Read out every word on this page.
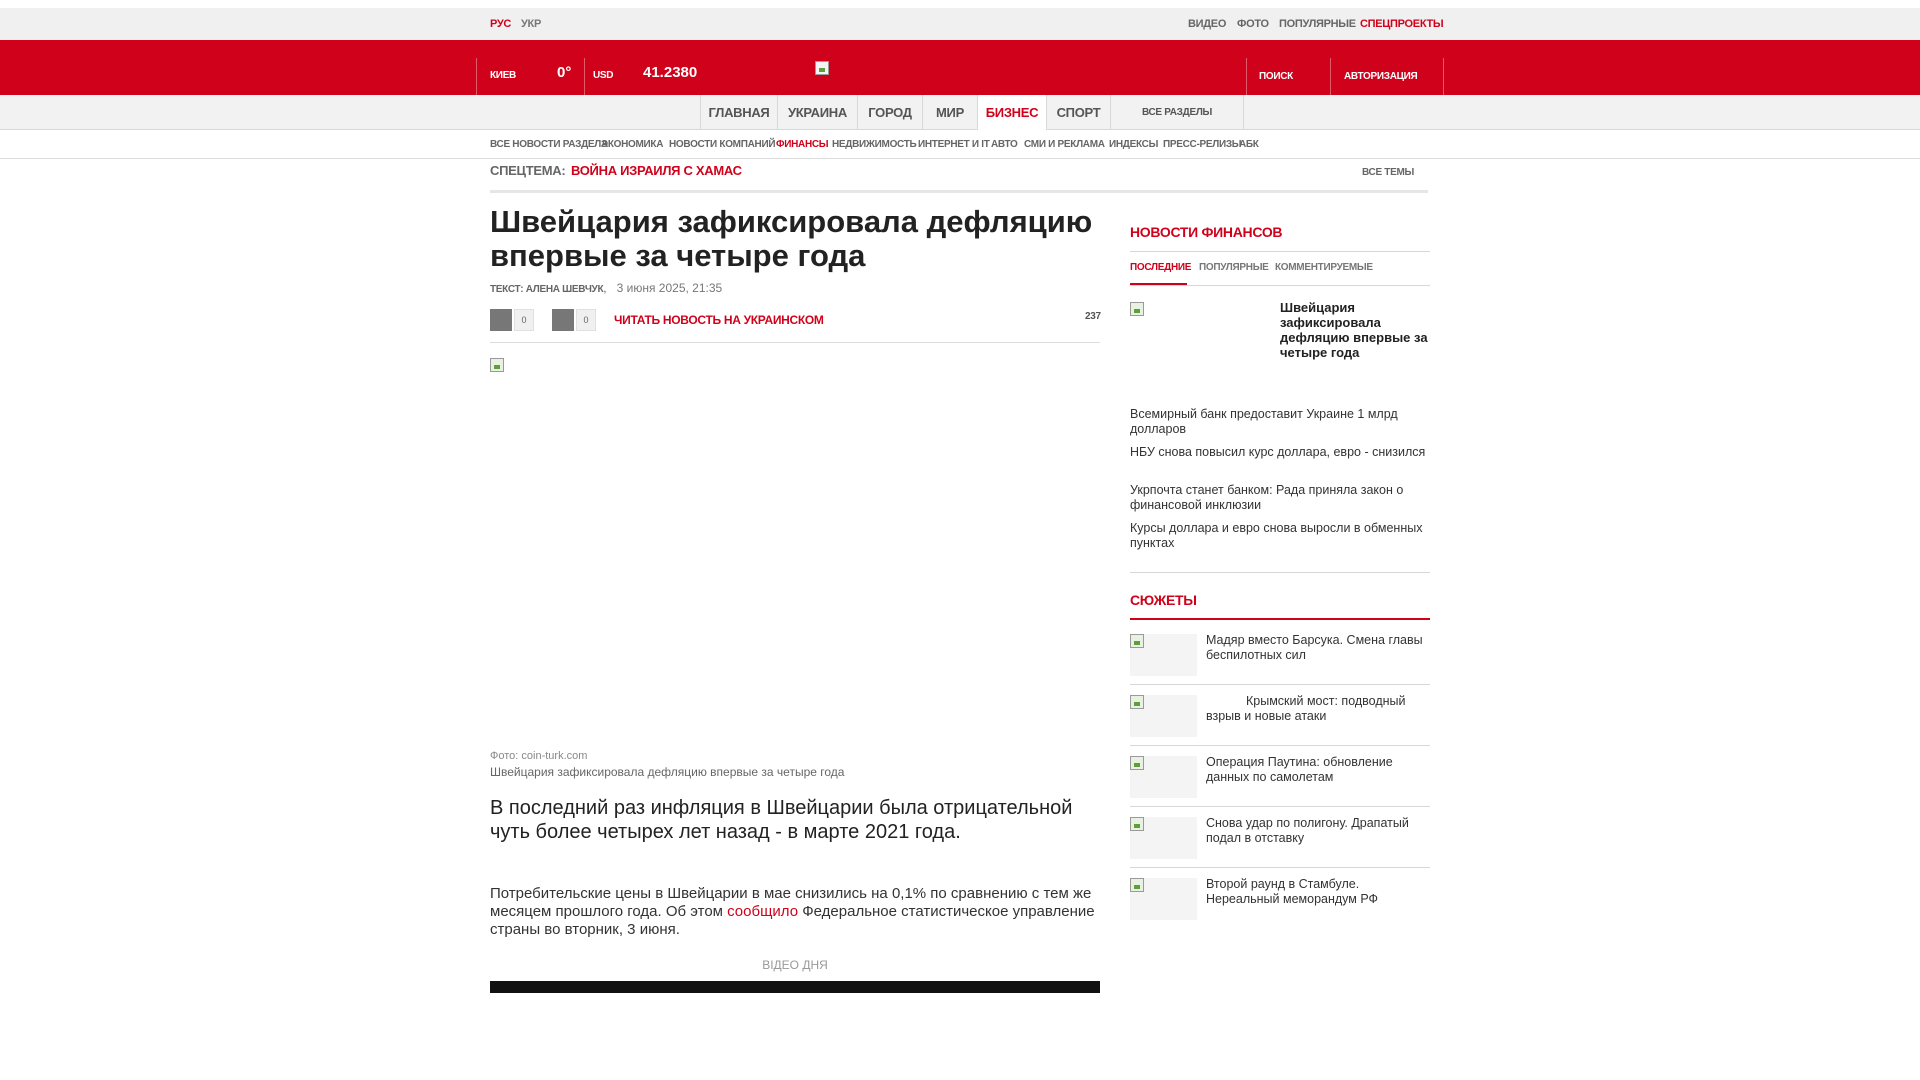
РУС УКР	ВИДЕО ФОТО ПОПУЛЯРНЫЕ СПЕЦПРОЕКТЫ
КИЕВ	0° USD 41.2380	ПОИСК	АВТОРИЗАЦИЯ
ГЛАВНАЯ	УКРАИНА	ГОРОД	МИР	БИЗНЕС	СПОРТ	ВСЕ РАЗДЕЛЫ
ВСЕ НОВОСТИ РАЗДЕЛА
ЭКОНОМИКА НОВОСТИ КОМПАНИЙ ФИНАНСЫ НЕДВИЖИМОСТЬ ИНТЕРНЕТ И IT АВТО СМИ И РЕКЛАМА ИНДЕКСЫ ПРЕСС-РЕЛИЗЫ
АБК
СПЕЦТЕМА: ВОЙНА ИЗРАИЛЯ С ХАМАС	ВСЕ ТЕМЫ
Швейцария зафиксировала дефляцию впервые за четыре года
ТЕКСТ: АЛЕНА ШЕВЧУК,   3 июня 2025, 21:35
0	0	ЧИТАТЬ НОВОСТЬ НА УКРАИНСКОМ	237
Фото: coin-turk.com
Швейцария зафиксировала дефляцию впервые за четыре года

В последний раз инфляция в Швейцарии была отрицательной чуть более четырех лет назад - в марте 2021 года.

Потребительские цены в Швейцарии в мае снизились на 0,1% по сравнению с тем же месяцем прошлого года. Об этом сообщило Федеральное статистическое управление страны во вторник, 3 июня.

ВІДЕО ДНЯ
НОВОСТИ ФИНАНСОВ
ПОСЛЕДНИЕ ПОПУЛЯРНЫЕ КОММЕНТИРУЕМЫЕ
Швейцария зафиксировала дефляцию впервые за четыре года
Всемирный банк предоставит Украине 1 млрд долларов
НБУ снова повысил курс доллара, евро - снизился
Укрпочта станет банком: Рада приняла закон о финансовой инклюзии
Курсы доллара и евро снова выросли в обменных пунктах
СЮЖЕТЫ
Мадяр вместо Барсука. Смена главы беспилотных сил
Крымский мост: подводный взрыв и новые атаки
Операция Паутина: обновление данных по самолетам
Снова удар по полигону. Драпатый подал в отставку
Второй раунд в Стамбуле. Нереальный меморандум РФ
